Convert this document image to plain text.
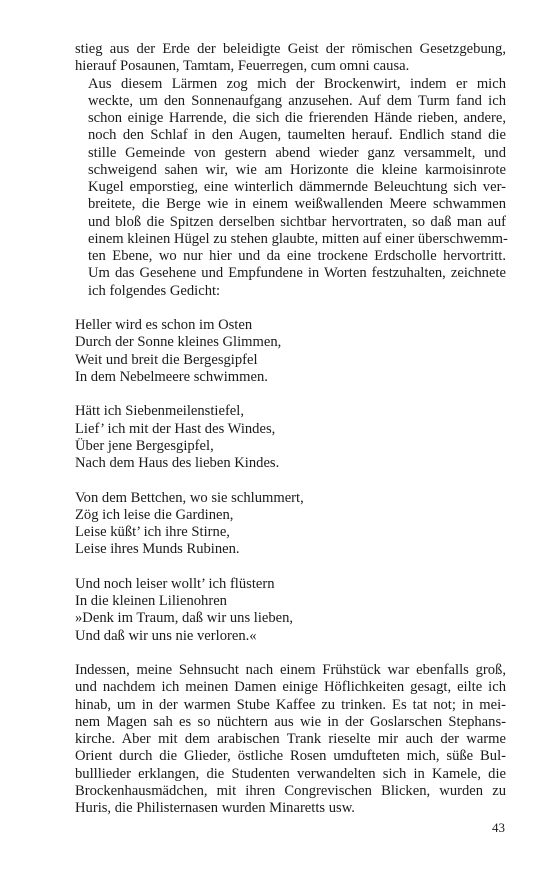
stieg aus der Erde der beleidigte Geist der römischen Gesetzgebung,
hierauf Posaunen, Tamtam, Feuerregen, cum omni causa.

Aus diesem Lärmen zog mich der Brockenwirt, indem er mich
weckte, um den Sonnenaufgang anzusehen. Auf dem Turm fand ich
schon einige Harrende, die sich die frierenden Hände rieben, andere,
noch den Schlaf in den Augen, taumelten herauf. Endlich stand die
stille Gemeinde von gestern abend wieder ganz versammelt, und
schweigend sahen wir, wie am Horizonte die kleine karmoisinrote
Kugel emporstieg, eine winterlich dämmernde Beleuchtung sich ver-
breitete, die Berge wie in einem weißwallenden Meere schwammen
und bloß die Spitzen derselben sichtbar hervortraten, so daß man auf
einem kleinen Hügel zu stehen glaubte, mitten auf einer überschwemm-
ten Ebene, wo nur hier und da eine trockene Erdscholle hervortritt.
Um das Gesehene und Empfundene in Worten festzuhalten, zeichnete
ich folgendes Gedicht:

Heller wird es schon im Osten
Durch der Sonne kleines Glimmen,
Weit und breit die Bergesgipfel
In dem Nebelmeere schwimmen.
Hätt ich Siebenmeilenstiefel,
Lief’ ich mit der Hast des Windes,
Über jene Bergesgipfel,
Nach dem Haus des lieben Kindes.
Von dem Bettchen, wo sie schlummert,
Zög ich leise die Gardinen,
Leise küßt’ ich ihre Stirne,
Leise ihres Munds Rubinen.
Und noch leiser wollt’ ich flüstern
In die kleinen Lilienohren
»Denk im Traum, daß wir uns lieben,
Und daß wir uns nie verloren.«

Indessen, meine Sehnsucht nach einem Frühstück war ebenfalls groß,
und nachdem ich meinen Damen einige Höflichkeiten gesagt, eilte ich
hinab, um in der warmen Stube Kaffee zu trinken. Es tat not; in mei-
nem Magen sah es so nüchtern aus wie in der Goslarschen Stephans-
kirche. Aber mit dem arabischen Trank rieselte mir auch der warme
Orient durch die Glieder, östliche Rosen umdufteten mich, süße Bul-
bulllieder erklangen, die Studenten verwandelten sich in Kamele, die
Brockenhausmädchen, mit ihren Congrevischen Blicken, wurden zu
Huris, die Philisternasen wurden Minaretts usw.

43
